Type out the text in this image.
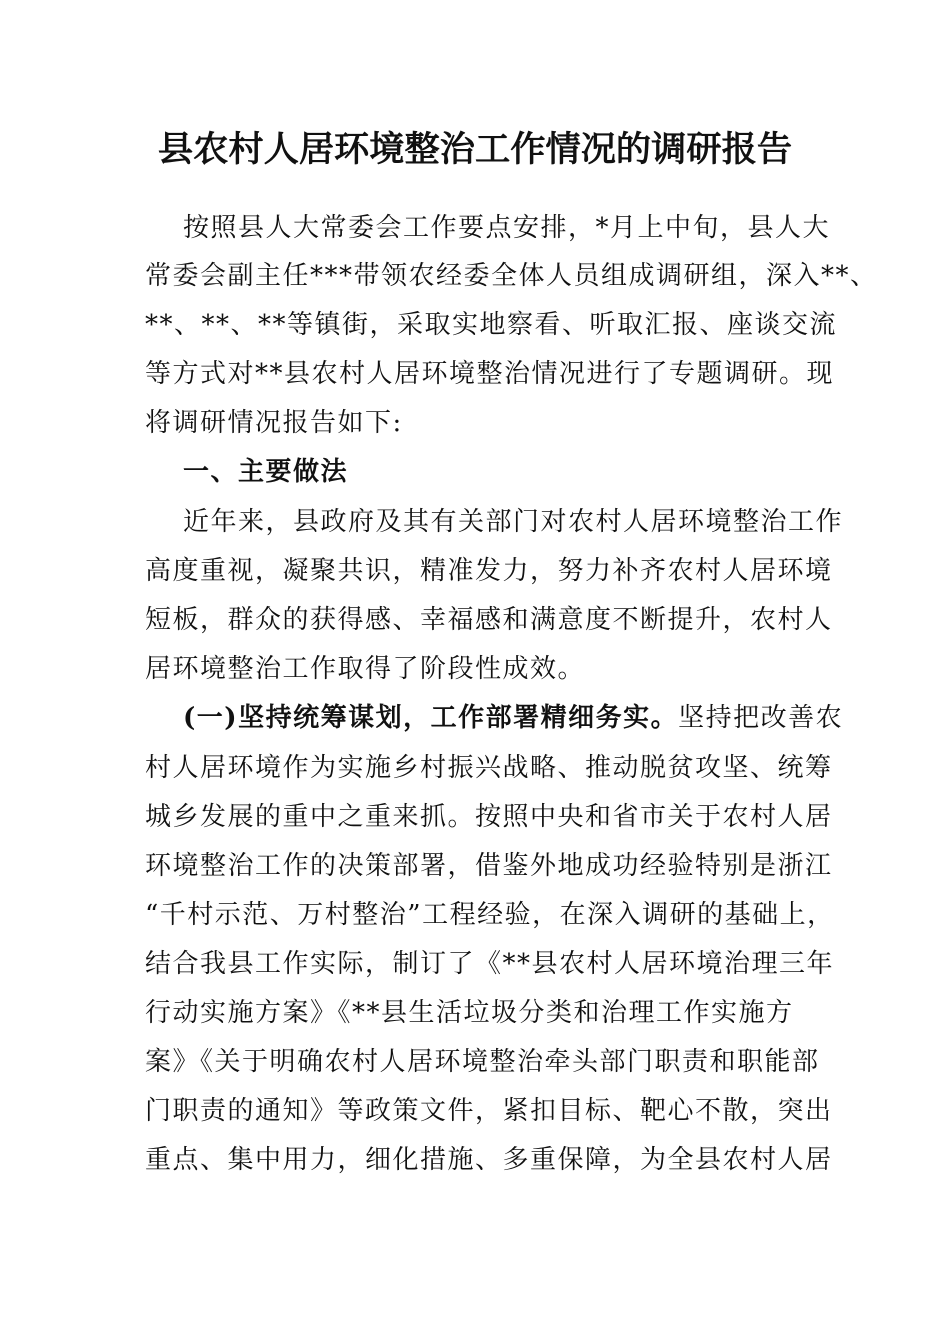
县农村人居环境整治工作情况的调研报告
按照县人大常委会工作要点安排，*月上中旬，县人大
常委会副主任***带领农经委全体人员组成调研组，深入**、
**、**、**等镇街，采取实地察看、听取汇报、座谈交流
等方式对**县农村人居环境整治情况进行了专题调研。现
将调研情况报告如下:
一、主要做法
近年来，县政府及其有关部门对农村人居环境整治工作
高度重视，凝聚共识，精准发力，努力补齐农村人居环境
短板，群众的获得感、幸福感和满意度不断提升，农村人
居环境整治工作取得了阶段性成效。
(一)坚持统筹谋划，工作部署精细务实。坚持把改善农
村人居环境作为实施乡村振兴战略、推动脱贫攻坚、统筹
城乡发展的重中之重来抓。按照中央和省市关于农村人居
环境整治工作的决策部署，借鉴外地成功经验特别是浙江
“千村示范、万村整治”工程经验，在深入调研的基础上，
结合我县工作实际，制订了《**县农村人居环境治理三年
行动实施方案》《**县生活垃圾分类和治理工作实施方
案》《关于明确农村人居环境整治牵头部门职责和职能部
门职责的通知》等政策文件，紧扣目标、靶心不散，突出
重点、集中用力，细化措施、多重保障，为全县农村人居
